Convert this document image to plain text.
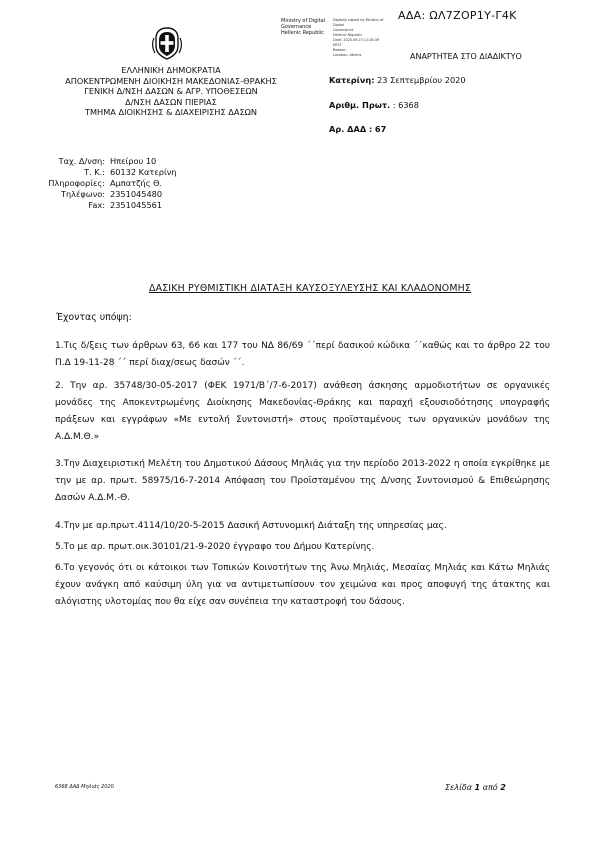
ΑΔΑ: ΩΛ7ΖΟΡ1Υ-Γ4Κ
Ministry of Digital
Governance
Hellenic Republic
Digitally signed by Ministry of Digital
Governance
Hellenic Republic
Date: 2020.09.23 11:28:39
EEST
Reason:
Location: Athens	ΑΝΑΡΤΗΤΕΑ ΣΤΟ ΔΙΑΔΙΚΤΥΟ
ΕΛΛΗΝΙΚΗ ΔΗΜΟΚΡΑΤΙΑ
ΑΠΟΚΕΝΤΡΩΜΕΝΗ ΔΙΟΙΚΗΣΗ ΜΑΚΕΔΟΝΙΑΣ-ΘΡΑΚΗΣ
ΓΕΝΙΚΗ Δ/ΝΣΗ ΔΑΣΩΝ & ΑΓΡ. ΥΠΟΘΕΣΕΩΝ
Δ/ΝΣΗ ΔΑΣΩΝ ΠΙΕΡΙΑΣ
ΤΜΗΜΑ ΔΙΟΙΚΗΣΗΣ & ΔΙΑΧΕΙΡΙΣΗΣ ΔΑΣΩΝ
Κατερίνη: 23 Σεπτεμβρίου 2020
Αριθμ. Πρωτ. : 6368
Αρ. ΔΑΔ : 67
Ταχ. Δ/νση:
Τ. Κ.:
Πληροφορίες:
Τηλέφωνο:
Fax:
Ηπείρου 10
60132 Κατερίνη
Αμπατζής Θ.
2351045480
2351045561
ΔΑΣΙΚΗ ΡΥΘΜΙΣΤΙΚΗ ΔΙΑΤΑΞΗ ΚΑΥΣΟΞΥΛΕΥΣΗΣ ΚΑΙ ΚΛΑΔΟΝΟΜΗΣ
Έχοντας υπόψη:
1.Τις δ/ξεις των άρθρων 63, 66 και 177 του ΝΔ 86/69 ΄΄περί δασικού κώδικα ΄΄καθώς και το άρθρο 22 του Π.Δ 19-11-28 ΄΄ περί διαχ/σεως δασών ΄΄.
2. Την αρ. 35748/30-05-2017 (ΦΕΚ 1971/Β΄/7-6-2017) ανάθεση άσκησης αρμοδιοτήτων σε οργανικές μονάδες της Αποκεντρωμένης Διοίκησης Μακεδονίας-Θράκης και παραχή εξουσιοδότησης υπογραφής πράξεων και εγγράφων «Με εντολή Συντονιστή» στους προϊσταμένους των οργανικών μονάδων της Α.Δ.Μ.Θ.»
3.Την Διαχειριστική Μελέτη του Δημοτικού Δάσους Μηλιάς για την περίοδο 2013-2022 η οποία εγκρίθηκε με την με αρ. πρωτ. 58975/16-7-2014 Απόφαση του Προϊσταμένου της Δ/νσης Συντονισμού & Επιθεώρησης Δασών Α.Δ.Μ.-Θ.
4.Την με αρ.πρωτ.4114/10/20-5-2015 Δασική Αστυνομική Διάταξη της υπηρεσίας μας.
5.Το με αρ. πρωτ.οικ.30101/21-9-2020 έγγραφο του Δήμου Κατερίνης.
6.Το γεγονός ότι οι κάτοικοι των Τοπικών Κοινοτήτων της Άνω Μηλιάς, Μεσαίας Μηλιάς και Κάτω Μηλιάς έχουν ανάγκη από καύσιμη ύλη για να αντιμετωπίσουν τον χειμώνα και προς αποφυγή της άτακτης και αλόγιστης υλοτομίας που θα είχε σαν συνέπεια την καταστροφή του δάσους.
6368 ΔΑΔ Μηλιάς 2020	Σελίδα 1 από 2
